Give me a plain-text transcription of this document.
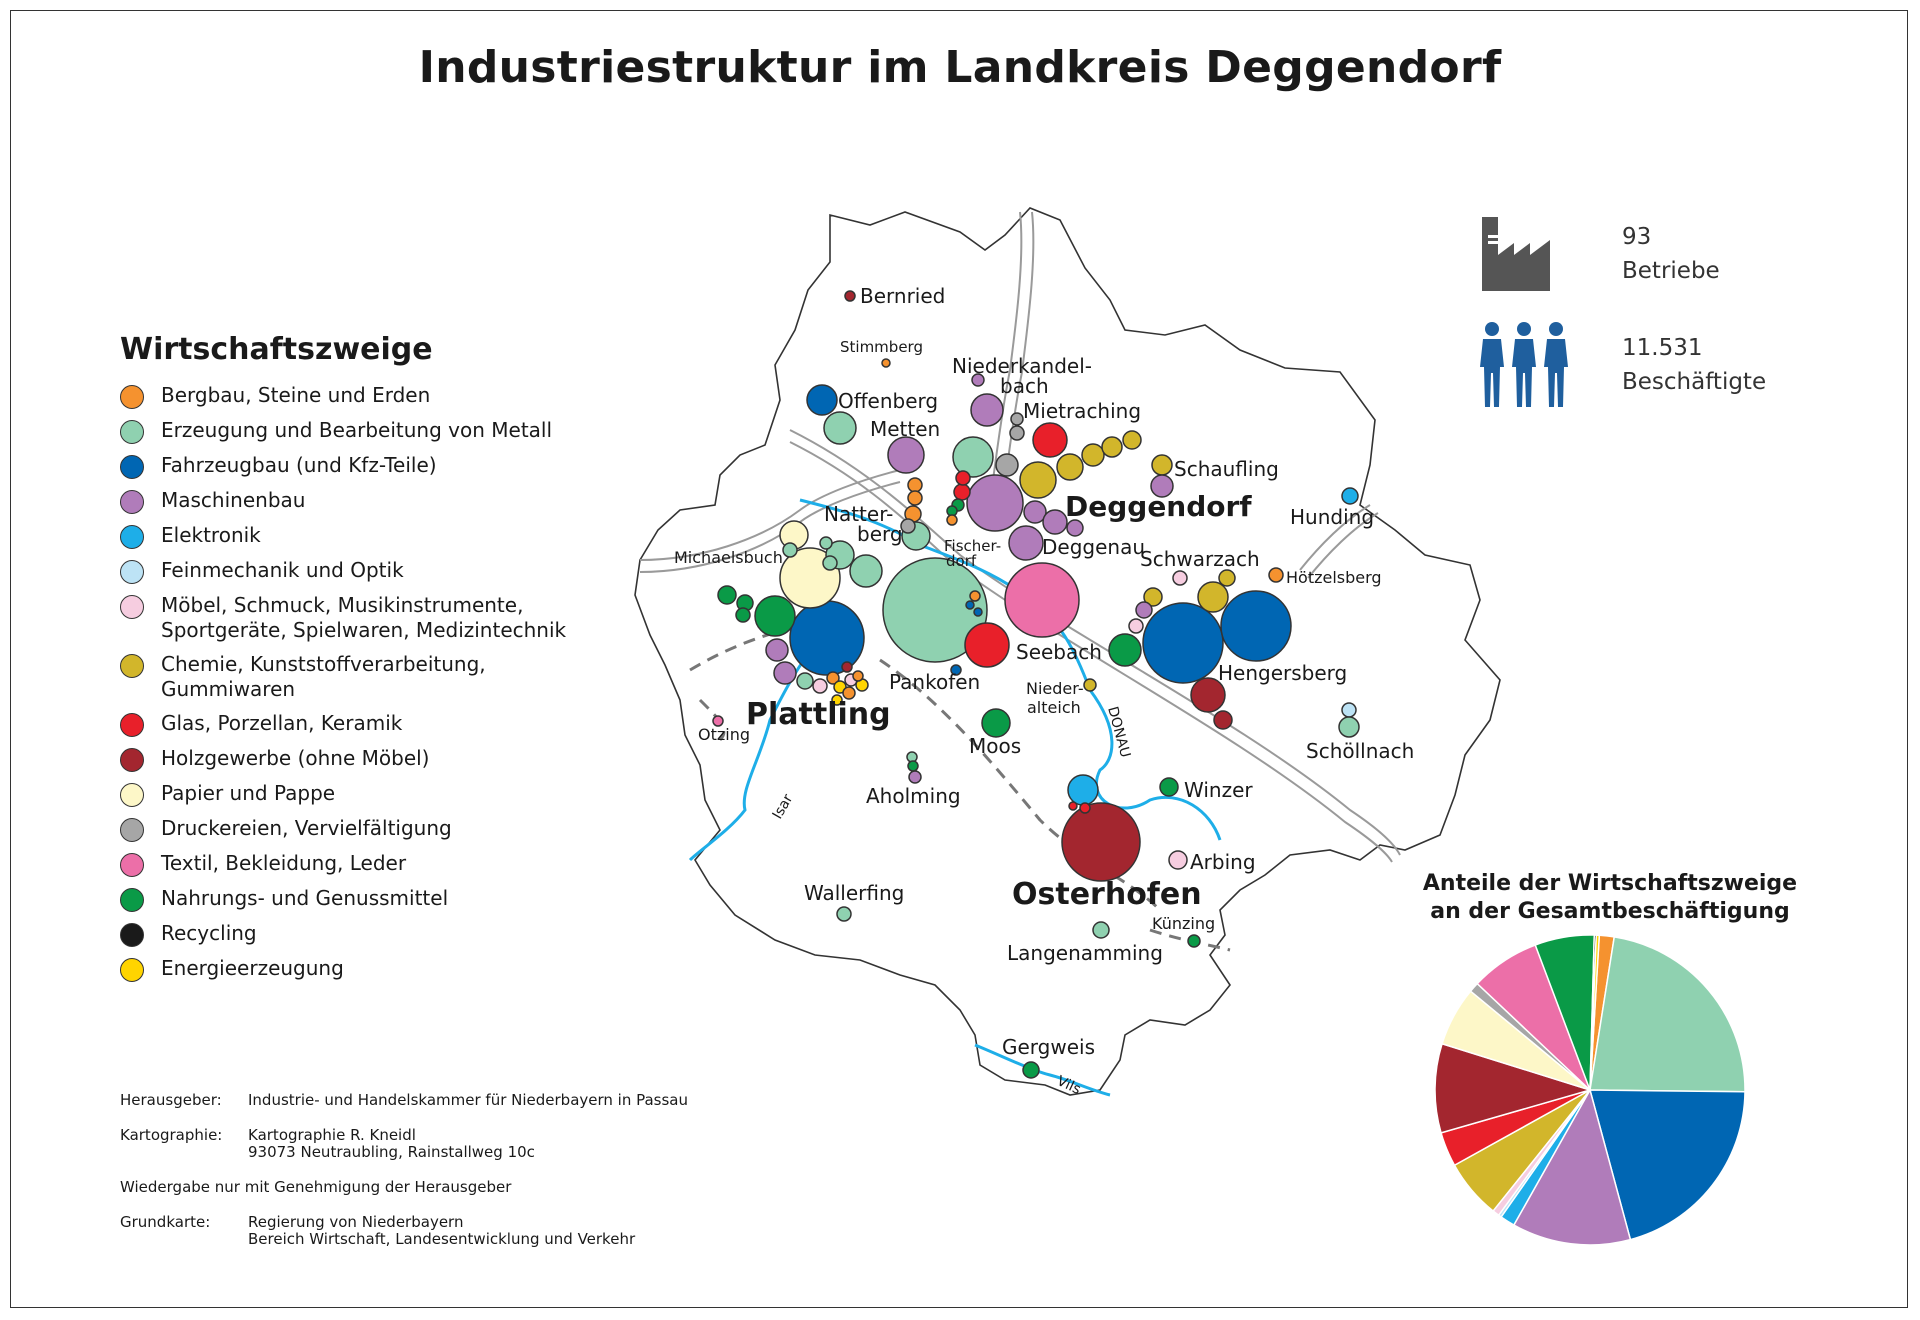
Industriestruktur im Landkreis Deggendorf
Bernried
Stimmberg
Niederkandel-
bach
Offenberg	Mietraching
Metten
Schaufling
Deggendorf Hunding
Natter-
berg	Fischer-
dorf
Deggenau
Michaelsbuch	Schwarzach
Hötzelsberg
Seebach
Pankofen	Hengersberg
Nieder-
alteich
Plattling
Otzing	Moos	Schöllnach
Aholming	Winzer
Arbing
Wallerfing	Osterhofen
Künzing
Langenamming
Gergweis
DONAU
Isar
Vils
Wirtschaftszweige
Bergbau, Steine und Erden
Erzeugung und Bearbeitung von Metall
Fahrzeugbau (und Kfz-Teile)
Maschinenbau
Elektronik
Feinmechanik und Optik
Möbel, Schmuck, Musikinstrumente,
Sportgeräte, Spielwaren, Medizintechnik
Chemie, Kunststoffverarbeitung,
Gummiwaren
Glas, Porzellan, Keramik
Holzgewerbe (ohne Möbel)
Papier und Pappe
Druckereien, Vervielfältigung
Textil, Bekleidung, Leder
Nahrungs- und Genussmittel
Recycling
Energieerzeugung
93
Betriebe
11.531
Beschäftigte
Anteile der Wirtschaftszweige
an der Gesamtbeschäftigung
Herausgeber:	Industrie- und Handelskammer für Niederbayern in Passau
Kartographie:	Kartographie R. Kneidl
93073 Neutraubling, Rainstallweg 10c
Wiedergabe nur mit Genehmigung der Herausgeber
Grundkarte:	Regierung von Niederbayern
Bereich Wirtschaft, Landesentwicklung und Verkehr
